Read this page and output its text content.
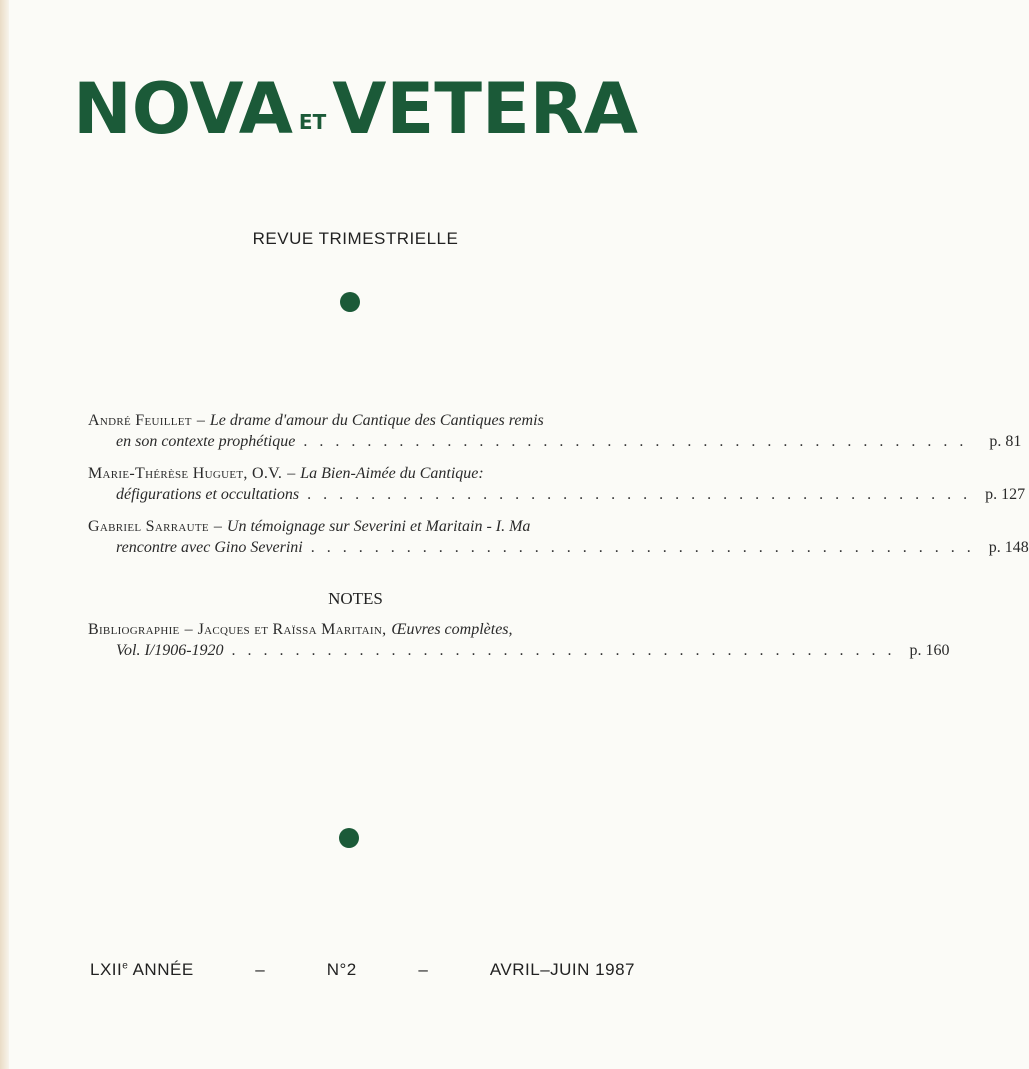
NOVA ETVETERA
REVUE TRIMESTRIELLE
André Feuillet – Le drame d'amour du Cantique des Cantiques remis
en son contexte prophétique . . . . . . . . . . . . . . . . . . . . . . . . . . . . . . . . . . . . . . . . . .	p. 81
Marie-Thérèse Huguet, O.V. – La Bien-Aimée du Cantique:
défigurations et occultations . . . . . . . . . . . . . . . . . . . . . . . . . . . . . . . . . . . . . . . . . . p. 127
Gabriel Sarraute – Un témoignage sur Severini et Maritain - I. Ma
rencontre avec Gino Severini . . . . . . . . . . . . . . . . . . . . . . . . . . . . . . . . . . . . . . . . . . p. 148
NOTES
Bibliographie – Jacques et Raïssa Maritain, Œuvres complètes,
Vol. I/1906-1920 . . . . . . . . . . . . . . . . . . . . . . . . . . . . . . . . . . . . . . . . . . p. 160
LXIIe ANNÉE	–	N°2	–	AVRIL–JUIN 1987
